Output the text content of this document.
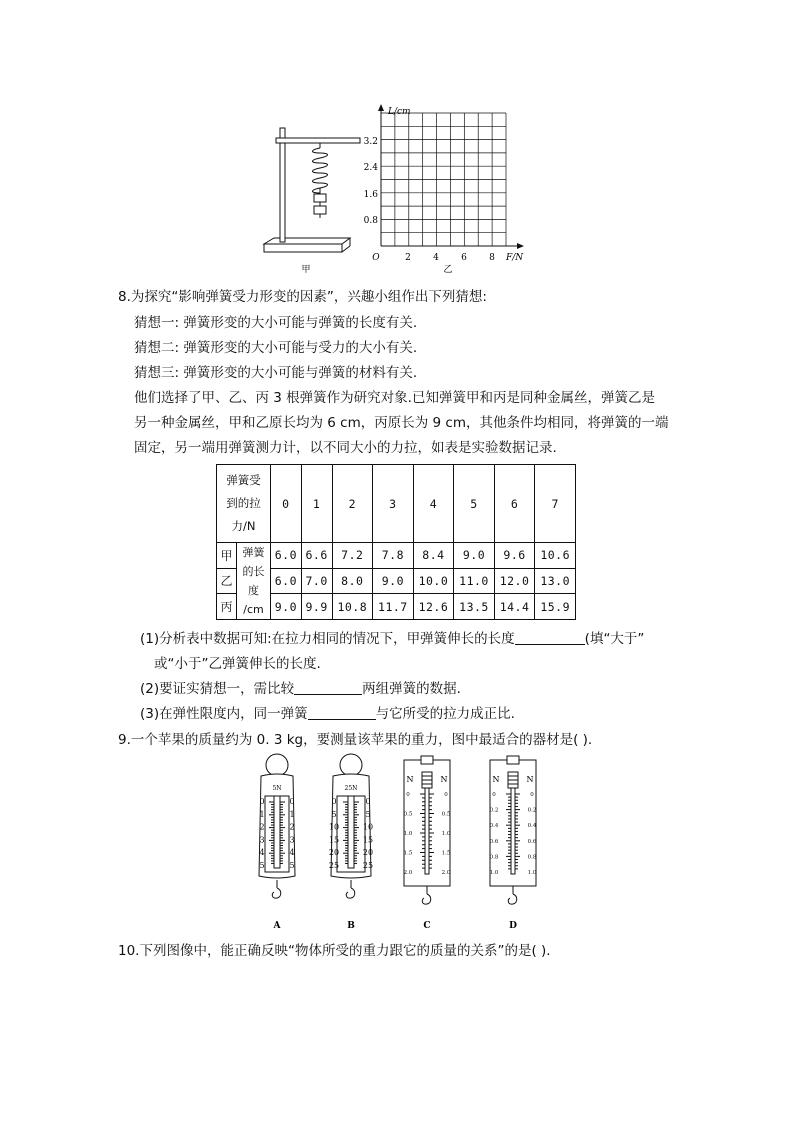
甲
L/cm
F/N
O
0.8
1.6
2.4
3.2
2 4 6 8
乙
8.为探究“影响弹簧受力形变的因素”，兴趣小组作出下列猜想:
猜想一: 弹簧形变的大小可能与弹簧的长度有关.
猜想二: 弹簧形变的大小可能与受力的大小有关.
猜想三: 弹簧形变的大小可能与弹簧的材料有关.
他们选择了甲、乙、丙 3 根弹簧作为研究对象.已知弹簧甲和丙是同种金属丝，弹簧乙是
另一种金属丝，甲和乙原长均为 6 cm，丙原长为 9 cm，其他条件均相同，将弹簧的一端
固定，另一端用弹簧测力计，以不同大小的力拉，如表是实验数据记录.
弹簧受
到的拉
力/N		0	1	2	3	4	5	6	7
甲	弹簧
的长
度
/cm	6.0	6.6	7.2	7.8	8.4	9.0	9.6	10.6
乙		6.0	7.0	8.0	9.0	10.0	11.0	12.0	13.0
丙		9.0	9.9	10.8	11.7	12.6	13.5	14.4	15.9
(1)分析表中数据可知:在拉力相同的情况下，甲弹簧伸长的长度	(填“大于”
或“小于”乙弹簧伸长的长度.
(2)要证实猜想一，需比较	两组弹簧的数据.
(3)在弹性限度内，同一弹簧	与它所受的拉力成正比.
9.一个苹果的质量约为 0. 3 kg，要测量该苹果的重力，图中最适合的器材是( ).
0	0
1	1
2	2
3	3
4	4
5	5
5N
A
0	0
5	5
10	10
15	15
20	20
25	25
25N
B
0	0
0.5	0.5
1.0	1.0
1.5	1.5
2.0	2.0
N	N
C
0	0
0.2	0.2
0.4	0.4
0.6	0.6
0.8	0.8
1.0	1.0
N	N
D
10.下列图像中，能正确反映“物体所受的重力跟它的质量的关系”的是( ).
